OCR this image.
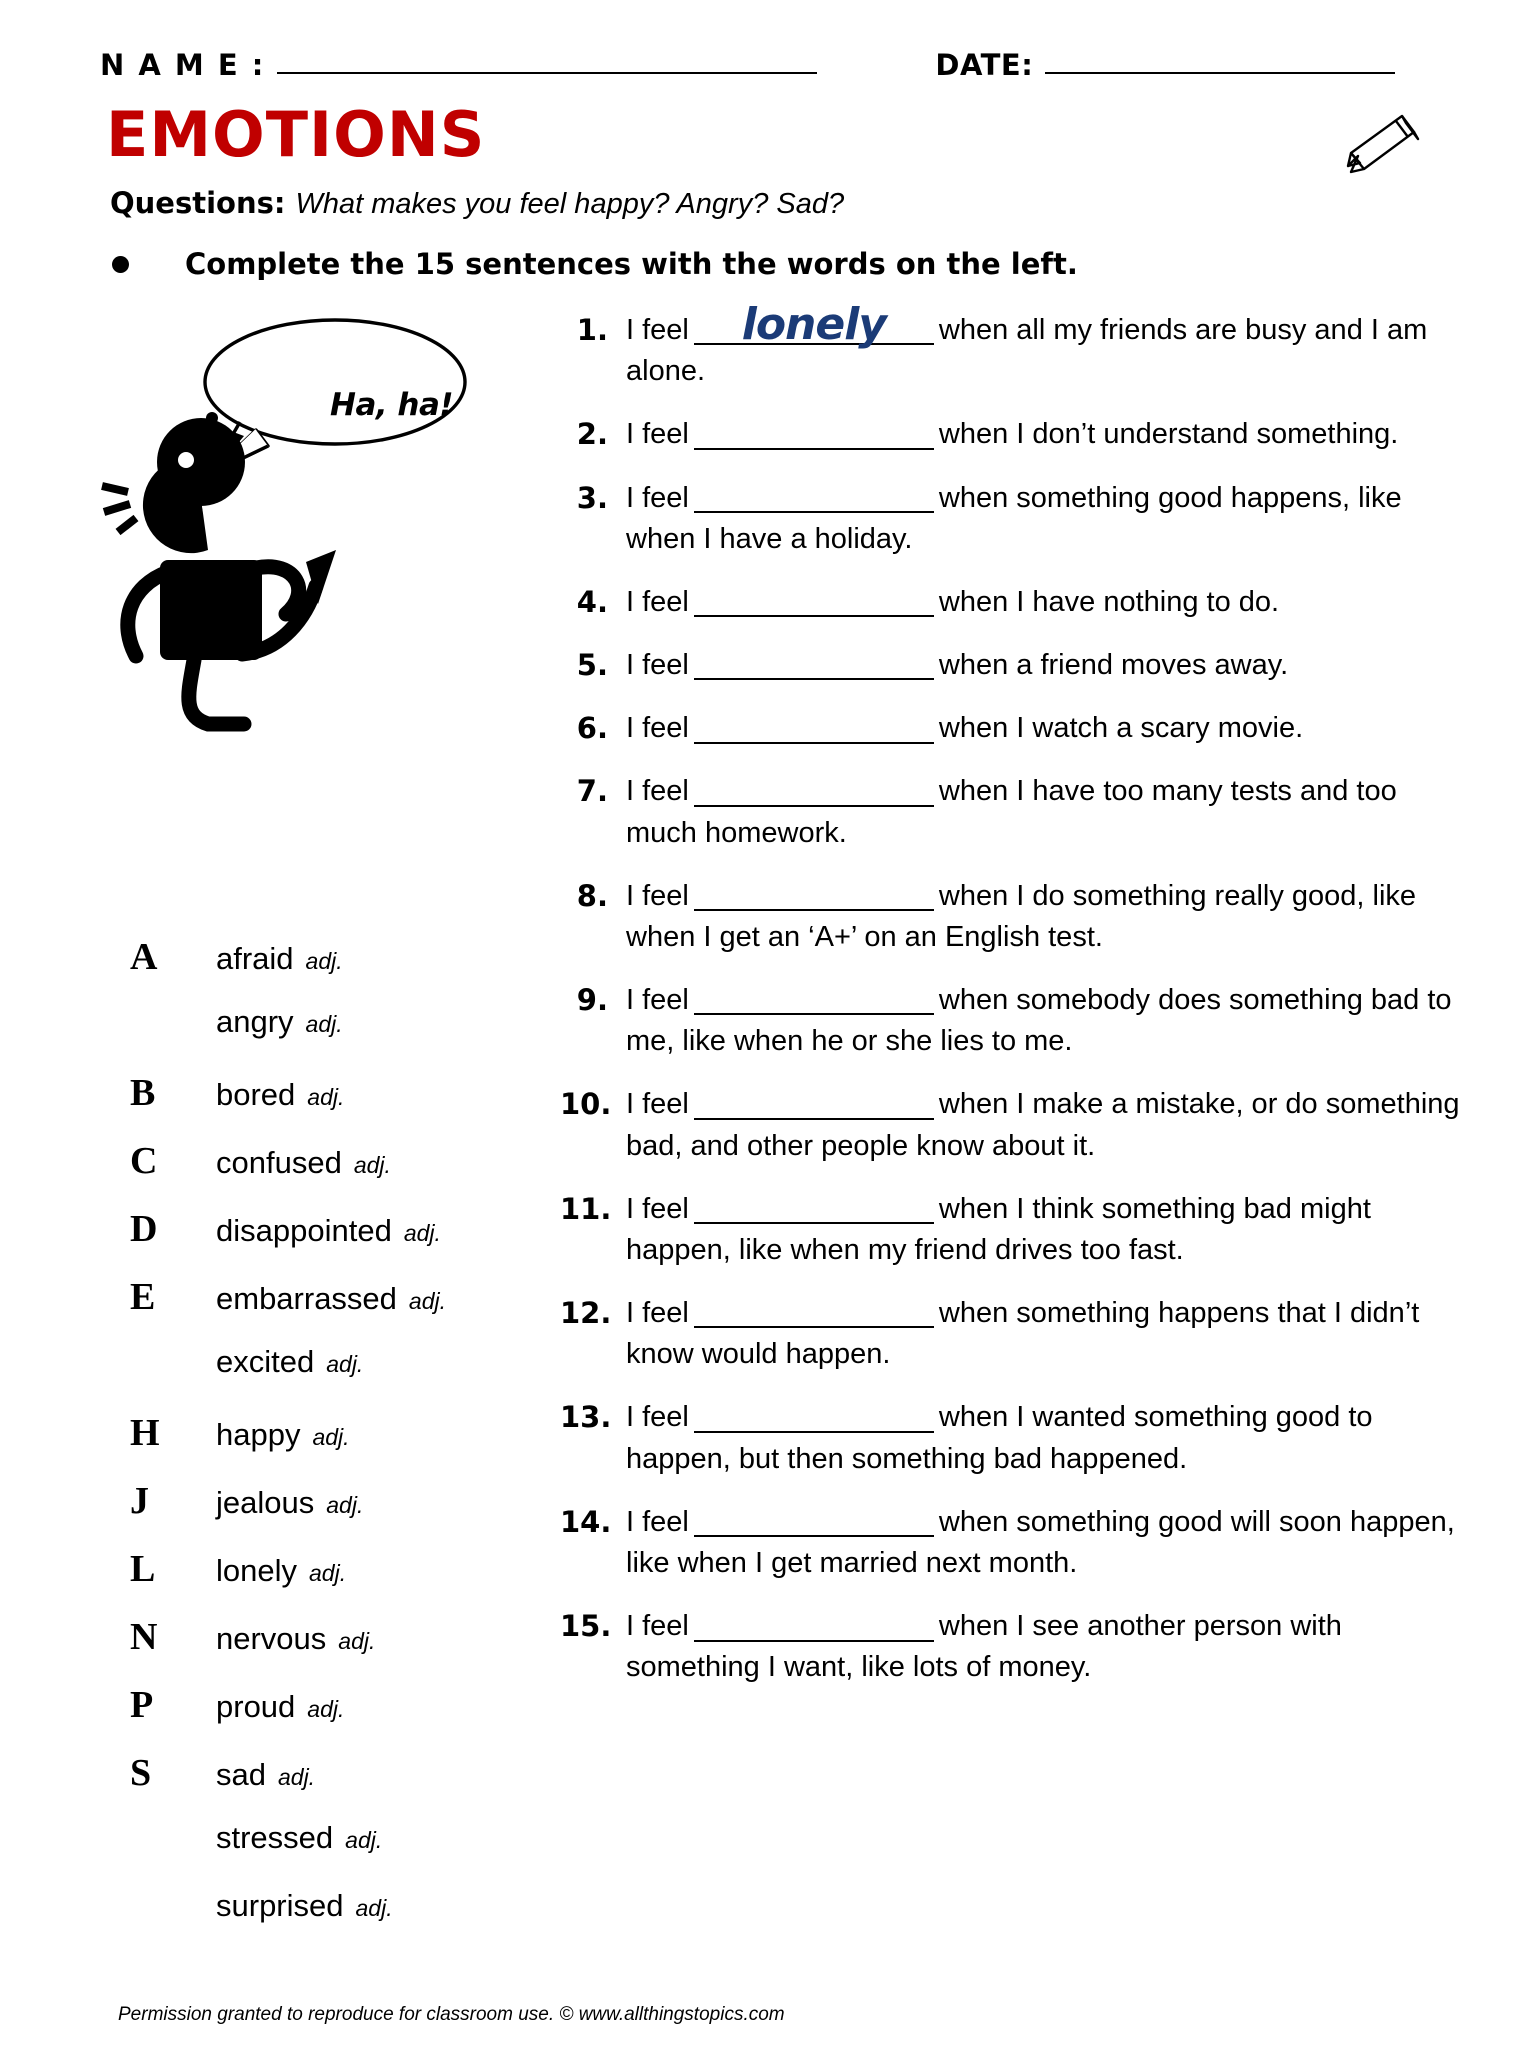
N A M E :	DATE:
EMOTIONS
Questions: What makes you feel happy? Angry? Sad?
Complete the 15 sentences with the words on the left.
Ha, ha!
A	afraid adj.
angry adj.
B	bored adj.
C	confused adj.
D	disappointed adj.
E	embarrassed adj.
excited adj.
H	happy adj.
J	jealous adj.
L	lonely adj.
N	nervous adj.
P	proud adj.
S	sad adj.
stressed adj.
surprised adj.
1. I feel	lonely	when all my friends are busy and I am alone.
2. I feel	when I don’t understand something.
3. I feel	when something good happens, like when I have a holiday.
4. I feel	when I have nothing to do.
5. I feel	when a friend moves away.
6. I feel	when I watch a scary movie.
7. I feel	when I have too many tests and too much homework.
8. I feel	when I do something really good, like when I get an ‘A+’ on an English test.
9. I feel	when somebody does something bad to me, like when he or she lies to me.
10. I feel	when I make a mistake, or do something bad, and other people know about it.
11. I feel	when I think something bad might happen, like when my friend drives too fast.
12. I feel	when something happens that I didn’t know would happen.
13. I feel	when I wanted something good to happen, but then something bad happened.
14. I feel	when something good will soon happen, like when I get married next month.
15. I feel	when I see another person with something I want, like lots of money.
Permission granted to reproduce for classroom use. © www.allthingstopics.com
